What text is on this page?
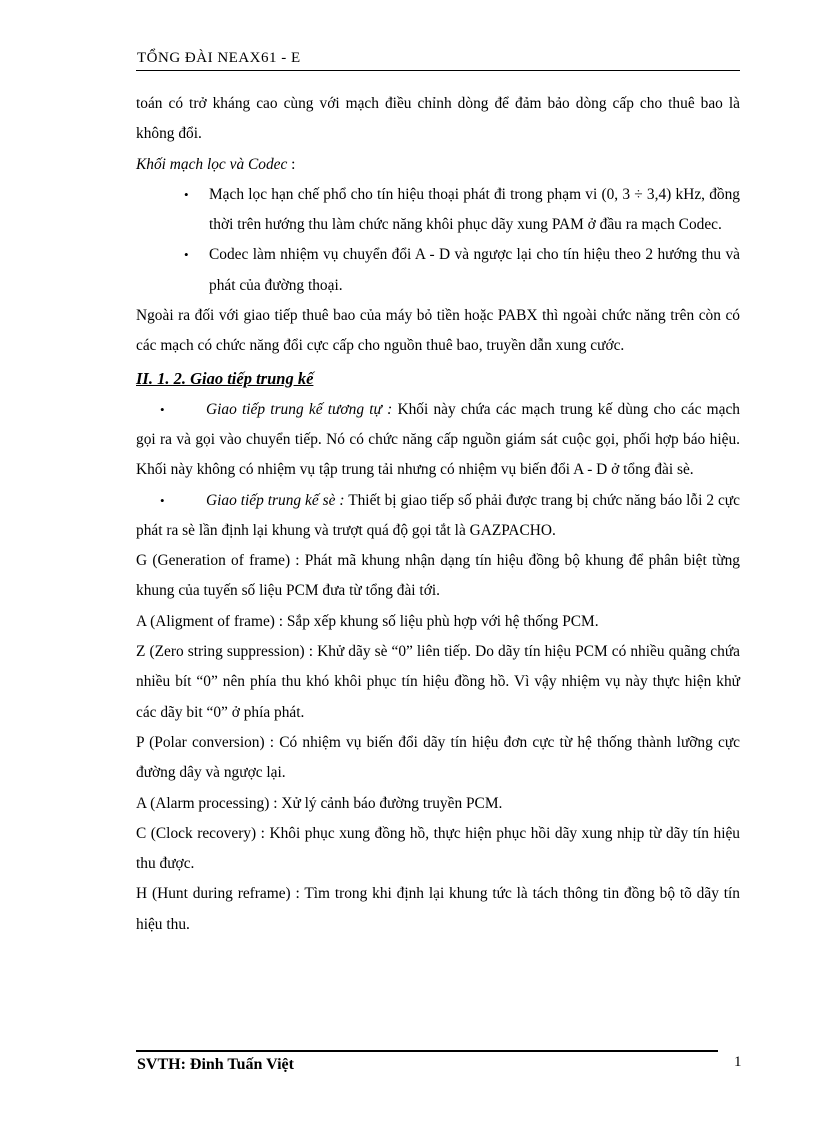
TỔNG ĐÀI NEAX61 - E

toán có trở kháng cao cùng với mạch điều chỉnh dòng để đảm bảo dòng cấp cho thuê bao là không đổi.

Khối mạch lọc và Codec :

• Mạch lọc hạn chế phổ cho tín hiệu thoại phát đi trong phạm vi (0, 3 ÷ 3,4) kHz, đồng thời trên hướng thu làm chức năng khôi phục dãy xung PAM ở đầu ra mạch Codec.

• Codec làm nhiệm vụ chuyển đổi A - D và ngược lại cho tín hiệu theo 2 hướng thu và phát của đường thoại.

Ngoài ra đối với giao tiếp thuê bao của máy bỏ tiền hoặc PABX thì ngoài chức năng trên còn có các mạch có chức năng đổi cực cấp cho nguồn thuê bao, truyền dẫn xung cước.

II. 1. 2. Giao tiếp trung kế

•	Giao tiếp trung kế tương tự : Khối này chứa các mạch trung kế dùng cho các mạch gọi ra và gọi vào chuyển tiếp. Nó có chức năng cấp nguồn giám sát cuộc gọi, phối hợp báo hiệu. Khối này không có nhiệm vụ tập trung tải nhưng có nhiệm vụ biến đổi A - D ở tổng đài sè.

•	Giao tiếp trung kế sè : Thiết bị giao tiếp số phải được trang bị chức năng báo lỗi 2 cực phát ra sè lần định lại khung và trượt quá độ gọi tắt là GAZPACHO.

G (Generation of frame) : Phát mã khung nhận dạng tín hiệu đồng bộ khung để phân biệt từng khung của tuyến số liệu PCM đưa từ tổng đài tới.

A (Aligment of frame) : Sắp xếp khung số liệu phù hợp với hệ thống PCM.

Z (Zero string suppression) : Khử dãy sè “0” liên tiếp. Do dãy tín hiệu PCM có nhiều quãng chứa nhiều bít “0” nên phía thu khó khôi phục tín hiệu đồng hồ. Vì vậy nhiệm vụ này thực hiện khử các dãy bit “0” ở phía phát.

P (Polar conversion) : Có nhiệm vụ biến đổi dãy tín hiệu đơn cực từ hệ thống thành lưỡng cực đường dây và ngược lại.

A (Alarm processing) : Xử lý cảnh báo đường truyền PCM.

C (Clock recovery) : Khôi phục xung đồng hồ, thực hiện phục hồi dãy xung nhịp từ dãy tín hiệu thu được.

H (Hunt during reframe) : Tìm trong khi định lại khung tức là tách thông tin đồng bộ tõ dãy tín hiệu thu.

SVTH: Đinh Tuấn Việt	1
